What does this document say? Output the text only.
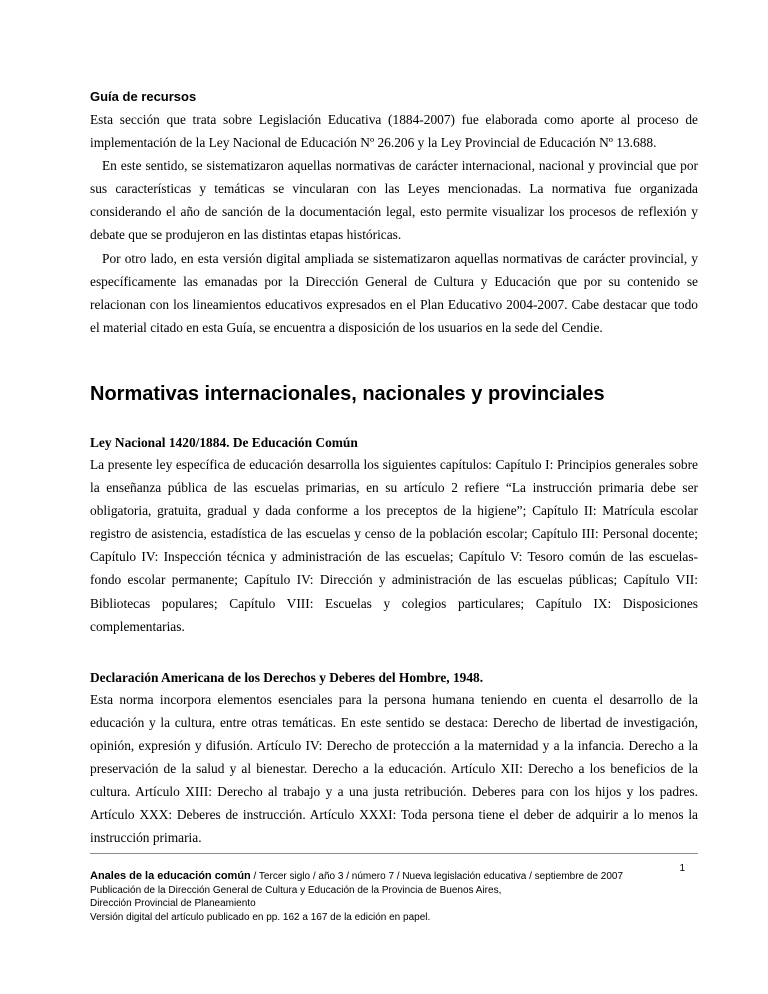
Guía de recursos

Esta sección que trata sobre Legislación Educativa (1884-2007) fue elaborada como aporte al proceso de implementación de la Ley Nacional de Educación Nº 26.206 y la Ley Provincial de Educación Nº 13.688.

En este sentido, se sistematizaron aquellas normativas de carácter internacional, nacional y provincial que por sus características y temáticas se vincularan con las Leyes mencionadas. La normativa fue organizada considerando el año de sanción de la documentación legal, esto permite visualizar los procesos de reflexión y debate que se produjeron en las distintas etapas históricas.

Por otro lado, en esta versión digital ampliada se sistematizaron aquellas normativas de carácter provincial, y específicamente las emanadas por la Dirección General de Cultura y Educación que por su contenido se relacionan con los lineamientos educativos expresados en el Plan Educativo 2004-2007. Cabe destacar que todo el material citado en esta Guía, se encuentra a disposición de los usuarios en la sede del Cendie.

Normativas internacionales, nacionales y provinciales

Ley Nacional 1420/1884. De Educación Común

La presente ley específica de educación desarrolla los siguientes capítulos: Capítulo I: Principios generales sobre la enseñanza pública de las escuelas primarias, en su artículo 2 refiere “La instrucción primaria debe ser obligatoria, gratuita, gradual y dada conforme a los preceptos de la higiene”; Capítulo II: Matrícula escolar registro de asistencia, estadística de las escuelas y censo de la población escolar; Capítulo III: Personal docente; Capítulo IV: Inspección técnica y administración de las escuelas; Capítulo V: Tesoro común de las escuelas- fondo escolar permanente; Capítulo IV: Dirección y administración de las escuelas públicas; Capítulo VII: Bibliotecas populares; Capítulo VIII: Escuelas y colegios particulares; Capítulo IX: Disposiciones complementarias.

Declaración Americana de los Derechos y Deberes del Hombre, 1948.

Esta norma incorpora elementos esenciales para la persona humana teniendo en cuenta el desarrollo de la educación y la cultura, entre otras temáticas. En este sentido se destaca: Derecho de libertad de investigación, opinión, expresión y difusión. Artículo IV: Derecho de protección a la maternidad y a la infancia. Derecho a la preservación de la salud y al bienestar. Derecho a la educación. Artículo XII: Derecho a los beneficios de la cultura. Artículo XIII: Derecho al trabajo y a una justa retribución. Deberes para con los hijos y los padres. Artículo XXX: Deberes de instrucción. Artículo XXXI: Toda persona tiene el deber de adquirir a lo menos la instrucción primaria.

Anales de la educación común / Tercer siglo / año 3 / número 7 / Nueva legislación educativa / septiembre de 2007
Publicación de la Dirección General de Cultura y Educación de la Provincia de Buenos Aires,
Dirección Provincial de Planeamiento
Versión digital del artículo publicado en pp. 162 a 167 de la edición en papel.
1
